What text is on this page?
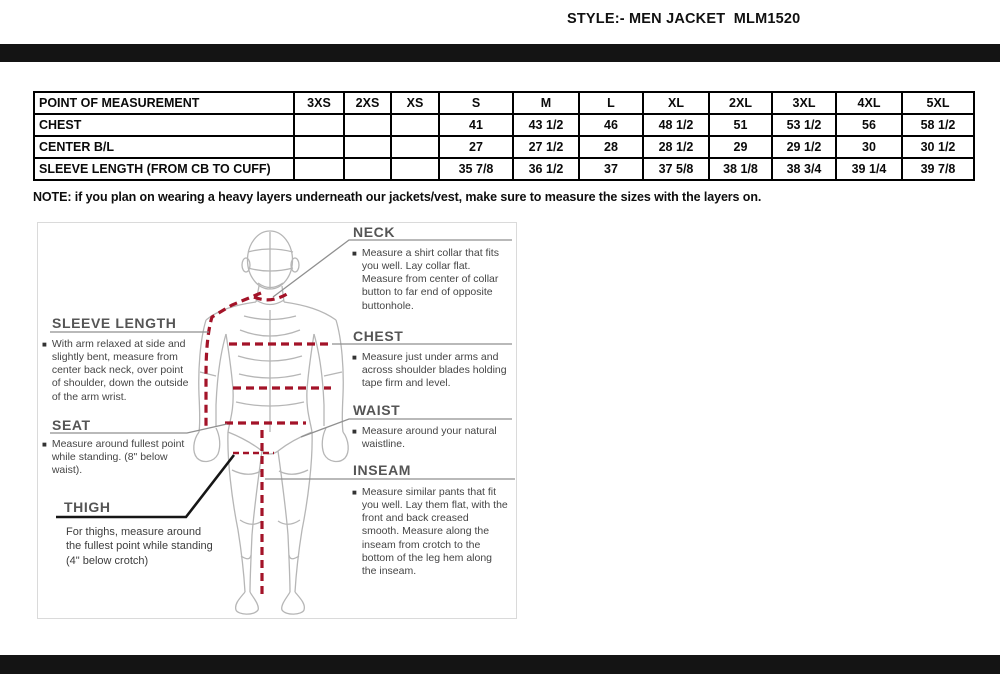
STYLE:- MEN JACKET  MLM1520
POINT OF MEASUREMENT	3XS	2XS	XS	S	M	L	XL	2XL	3XL	4XL	5XL
CHEST				41	43 1/2	46	48 1/2	51	53 1/2	56	58 1/2
CENTER B/L				27	27 1/2	28	28 1/2	29	29 1/2	30	30 1/2
SLEEVE LENGTH (FROM CB TO CUFF)				35 7/8	36 1/2	37	37 5/8	38 1/8	38 3/4	39 1/4	39 7/8
NOTE: if you plan on wearing a heavy layers underneath our jackets/vest, make sure to measure the sizes with the layers on.
NECK
■ Measure a shirt collar that fits you well. Lay collar flat. Measure from center of collar button to far end of opposite buttonhole.
CHEST
■ Measure just under arms and across shoulder blades holding tape firm and level.
WAIST
■ Measure around your natural waistline.
INSEAM
■ Measure similar pants that fit you well. Lay them flat, with the front and back creased smooth. Measure along the inseam from crotch to the bottom of the leg hem along the inseam.
SLEEVE LENGTH
■ With arm relaxed at side and slightly bent, measure from center back neck, over point of shoulder, down the outside of the arm wrist.
SEAT
■ Measure around fullest point while standing. (8" below waist).
THIGH
For thighs, measure around the fullest point while standing (4" below crotch)
